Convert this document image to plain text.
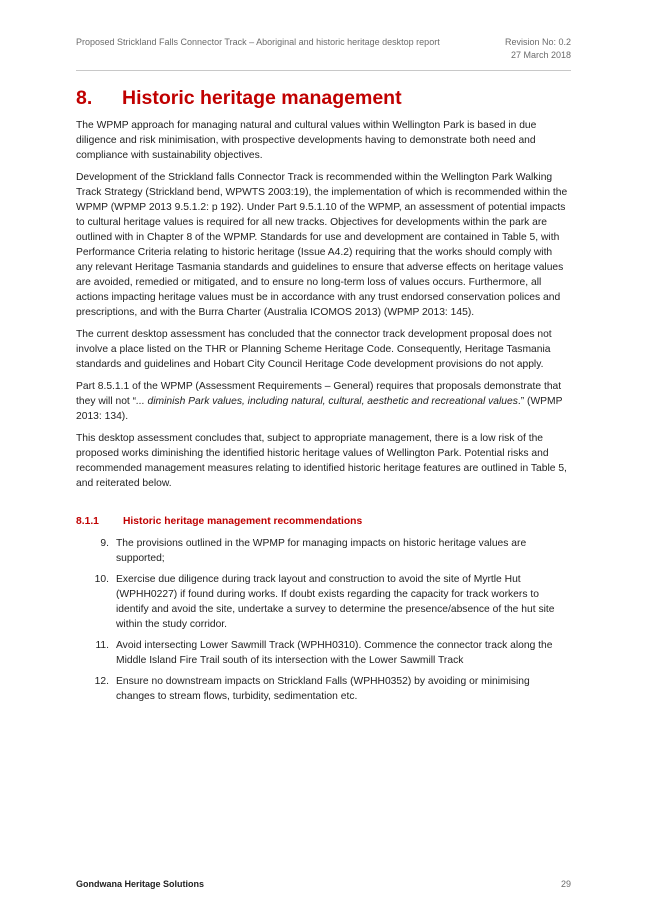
Proposed Strickland Falls Connector Track – Aboriginal and historic heritage desktop report	Revision No: 0.2
27 March 2018
8. Historic heritage management

The WPMP approach for managing natural and cultural values within Wellington Park is based in due diligence and risk minimisation, with prospective developments having to demonstrate both need and compliance with sustainability objectives.

Development of the Strickland falls Connector Track is recommended within the Wellington Park Walking Track Strategy (Strickland bend, WPWTS 2003:19), the implementation of which is recommended within the WPMP (WPMP 2013 9.5.1.2: p 192). Under Part 9.5.1.10 of the WPMP, an assessment of potential impacts to cultural heritage values is required for all new tracks. Objectives for developments within the park are outlined with in Chapter 8 of the WPMP. Standards for use and development are contained in Table 5, with Performance Criteria relating to historic heritage (Issue A4.2) requiring that the works should comply with any relevant Heritage Tasmania standards and guidelines to ensure that adverse effects on heritage values are avoided, remedied or mitigated, and to ensure no long-term loss of values occurs. Furthermore, all actions impacting heritage values must be in accordance with any trust endorsed conservation polices and prescriptions, and with the Burra Charter (Australia ICOMOS 2013) (WPMP 2013: 145).

The current desktop assessment has concluded that the connector track development proposal does not involve a place listed on the THR or Planning Scheme Heritage Code. Consequently, Heritage Tasmania standards and guidelines and Hobart City Council Heritage Code development provisions do not apply.

Part 8.5.1.1 of the WPMP (Assessment Requirements – General) requires that proposals demonstrate that they will not “... diminish Park values, including natural, cultural, aesthetic and recreational values.” (WPMP 2013: 134).

This desktop assessment concludes that, subject to appropriate management, there is a low risk of the proposed works diminishing the identified historic heritage values of Wellington Park. Potential risks and recommended management measures relating to identified historic heritage features are outlined in Table 5, and reiterated below.

8.1.1 Historic heritage management recommendations
9. The provisions outlined in the WPMP for managing impacts on historic heritage values are supported;
10. Exercise due diligence during track layout and construction to avoid the site of Myrtle Hut (WPHH0227) if found during works. If doubt exists regarding the capacity for track workers to identify and avoid the site, undertake a survey to determine the presence/absence of the hut site within the study corridor.
11. Avoid intersecting Lower Sawmill Track (WPHH0310). Commence the connector track along the Middle Island Fire Trail south of its intersection with the Lower Sawmill Track
12. Ensure no downstream impacts on Strickland Falls (WPHH0352) by avoiding or minimising changes to stream flows, turbidity, sedimentation etc.
Gondwana Heritage Solutions	29
